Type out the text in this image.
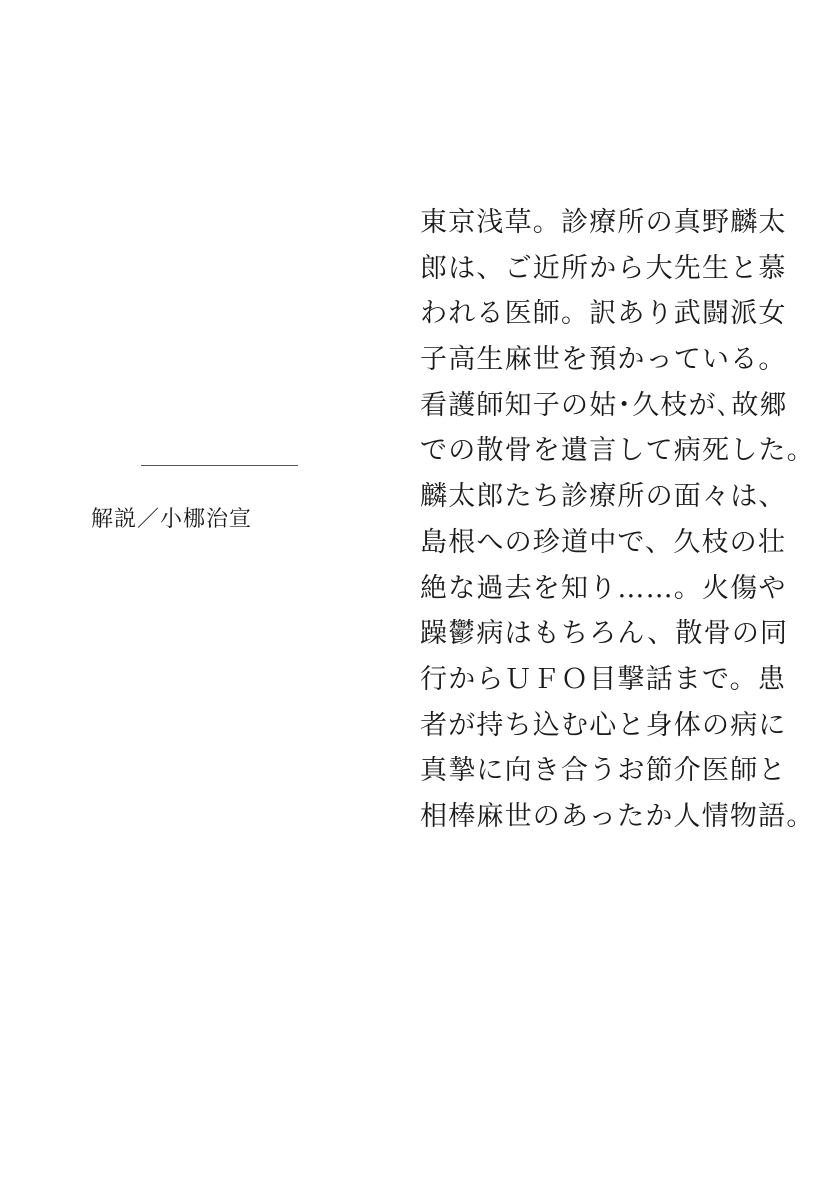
解説／小梛治宣
東京浅草。診療所の真野麟太
郎は、ご近所から大先生と慕
われる医師。訳あり武闘派女
子高生麻世を預かっている。
看護師知子の姑･久枝が､故郷
での散骨を遺言して病死した。
麟太郎たち診療所の面々は、
島根への珍道中で、久枝の壮
絶な過去を知り……。火傷や
躁鬱病はもちろん、散骨の同
行からＵＦＯ目撃話まで。患
者が持ち込む心と身体の病に
真摯に向き合うお節介医師と
相棒麻世のあったか人情物語。
